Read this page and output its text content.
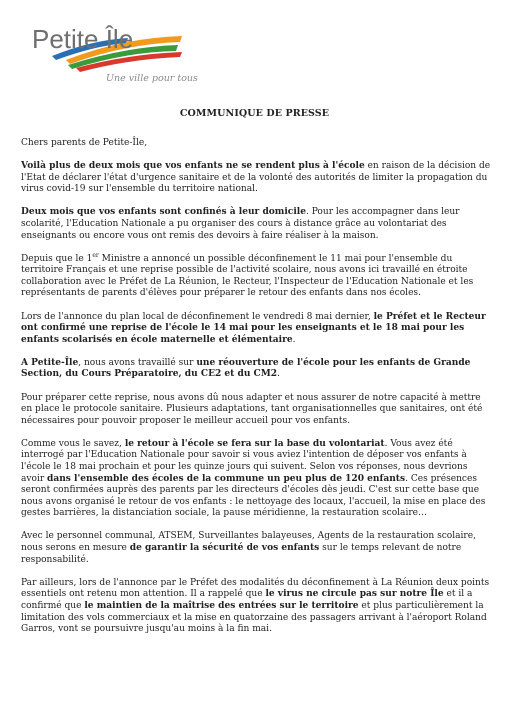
Petite Île
Une ville pour tous
COMMUNIQUE DE PRESSE

Chers parents de Petite-Île,

Voilà plus de deux mois que vos enfants ne se rendent plus à l'école en raison de la décision de l'Etat de déclarer l'état d'urgence sanitaire et de la volonté des autorités de limiter la propagation du virus covid-19 sur l'ensemble du territoire national.

Deux mois que vos enfants sont confinés à leur domicile. Pour les accompagner dans leur scolarité, l'Education Nationale a pu organiser des cours à distance grâce au volontariat des enseignants ou encore vous ont remis des devoirs à faire réaliser à la maison.

Depuis que le 1er Ministre a annoncé un possible déconfinement le 11 mai pour l'ensemble du territoire Français et une reprise possible de l'activité scolaire, nous avons ici travaillé en étroite collaboration avec le Préfet de La Réunion, le Recteur, l'Inspecteur de l'Education Nationale et les représentants de parents d'élèves pour préparer le retour des enfants dans nos écoles.

Lors de l'annonce du plan local de déconfinement le vendredi 8 mai dernier, le Préfet et le Recteur ont confirmé une reprise de l'école le 14 mai pour les enseignants et le 18 mai pour les enfants scolarisés en école maternelle et élémentaire.

A Petite-Île, nous avons travaillé sur une réouverture de l'école pour les enfants de Grande Section, du Cours Préparatoire, du CE2 et du CM2.

Pour préparer cette reprise, nous avons dû nous adapter et nous assurer de notre capacité à mettre en place le protocole sanitaire. Plusieurs adaptations, tant organisationnelles que sanitaires, ont été nécessaires pour pouvoir proposer le meilleur accueil pour vos enfants.

Comme vous le savez, le retour à l'école se fera sur la base du volontariat. Vous avez été interrogé par l'Education Nationale pour savoir si vous aviez l'intention de déposer vos enfants à l'école le 18 mai prochain et pour les quinze jours qui suivent. Selon vos réponses, nous devrions avoir dans l'ensemble des écoles de la commune un peu plus de 120 enfants. Ces présences seront confirmées auprès des parents par les directeurs d'écoles dès jeudi. C'est sur cette base que nous avons organisé le retour de vos enfants : le nettoyage des locaux, l'accueil, la mise en place des gestes barrières, la distanciation sociale, la pause méridienne, la restauration scolaire…

Avec le personnel communal, ATSEM, Surveillantes balayeuses, Agents de la restauration scolaire, nous serons en mesure de garantir la sécurité de vos enfants sur le temps relevant de notre responsabilité.

Par ailleurs, lors de l'annonce par le Préfet des modalités du déconfinement à La Réunion deux points essentiels ont retenu mon attention. Il a rappelé que le virus ne circule pas sur notre Île et il a confirmé que le maintien de la maîtrise des entrées sur le territoire et plus particulièrement la limitation des vols commerciaux et la mise en quatorzaine des passagers arrivant à l'aéroport Roland Garros, vont se poursuivre jusqu'au moins à la fin mai.
